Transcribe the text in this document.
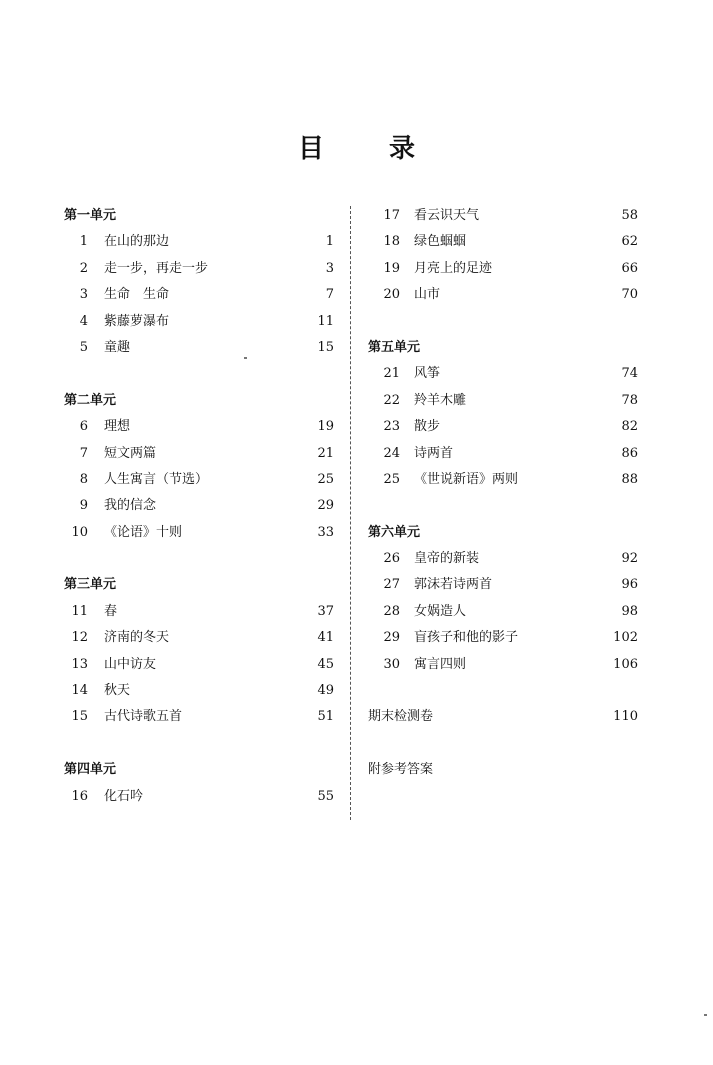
目 录
第一单元
1 在山的那边	1
2 走一步，再走一步	3
3 生命　生命	7
4 紫藤萝瀑布	11
5 童趣	15
第二单元
6 理想	19
7 短文两篇	21
8 人生寓言（节选）	25
9 我的信念	29
10 《论语》十则	33
第三单元
11 春	37
12 济南的冬天	41
13 山中访友	45
14 秋天	49
15 古代诗歌五首	51
第四单元
16 化石吟	55
17 看云识天气	58
18 绿色蝈蝈	62
19 月亮上的足迹	66
20 山市	70
第五单元
21 风筝	74
22 羚羊木雕	78
23 散步	82
24 诗两首	86
25 《世说新语》两则	88
第六单元
26 皇帝的新装	92
27 郭沫若诗两首	96
28 女娲造人	98
29 盲孩子和他的影子	102
30 寓言四则	106
期末检测卷	110
附参考答案
